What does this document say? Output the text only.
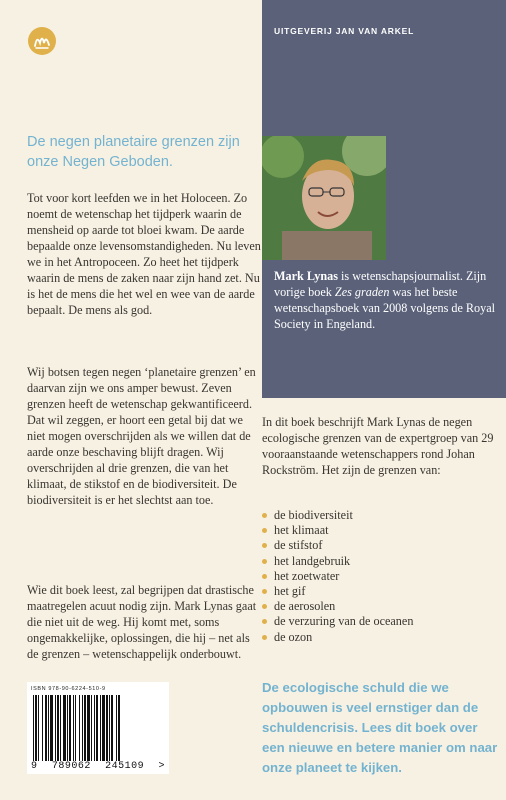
De negen planetaire grenzen zijn onze Negen Geboden.

Tot voor kort leefden we in het Holoceen. Zo noemt de wetenschap het tijdperk waarin de mensheid op aarde tot bloei kwam. De aarde bepaalde onze levensomstandigheden. Nu leven we in het Antropoceen. Zo heet het tijdperk waarin de mens de zaken naar zijn hand zet. Nu is het de mens die het wel en wee van de aarde bepaalt. De mens als god.

Wij botsen tegen negen ‘planetaire grenzen’ en daarvan zijn we ons amper bewust. Zeven grenzen heeft de wetenschap gekwantificeerd. Dat wil zeggen, er hoort een getal bij dat we niet mogen overschrijden als we willen dat de aarde onze beschaving blijft dragen. Wij overschrijden al drie grenzen, die van het klimaat, de stikstof en de biodiversiteit. De biodiversiteit is er het slechtst aan toe.

Wie dit boek leest, zal begrijpen dat drastische maatregelen acuut nodig zijn. Mark Lynas gaat die niet uit de weg. Hij komt met, soms ongemakkelijke, oplossingen, die hij – net als de grenzen – wetenschappelijk onderbouwt.

UITGEVERIJ JAN VAN ARKEL
Mark Lynas is wetenschapsjournalist. Zijn vorige boek Zes graden was het beste wetenschapsboek van 2008 volgens de Royal Society in Engeland.

In dit boek beschrijft Mark Lynas de negen ecologische grenzen van de expertgroep van 29 vooraanstaande wetenschappers rond Johan Rockström. Het zijn de grenzen van:

de biodiversiteit
het klimaat
de stifstof
het landgebruik
het zoetwater
het gif
de aerosolen
de verzuring van de oceanen
de ozon
De ecologische schuld die we opbouwen is veel ernstiger dan de schuldencrisis. Lees dit boek over een nieuwe en betere manier om naar onze planeet te kijken.
ISBN 978-90-6224-510-9
9 789062 245109 >
